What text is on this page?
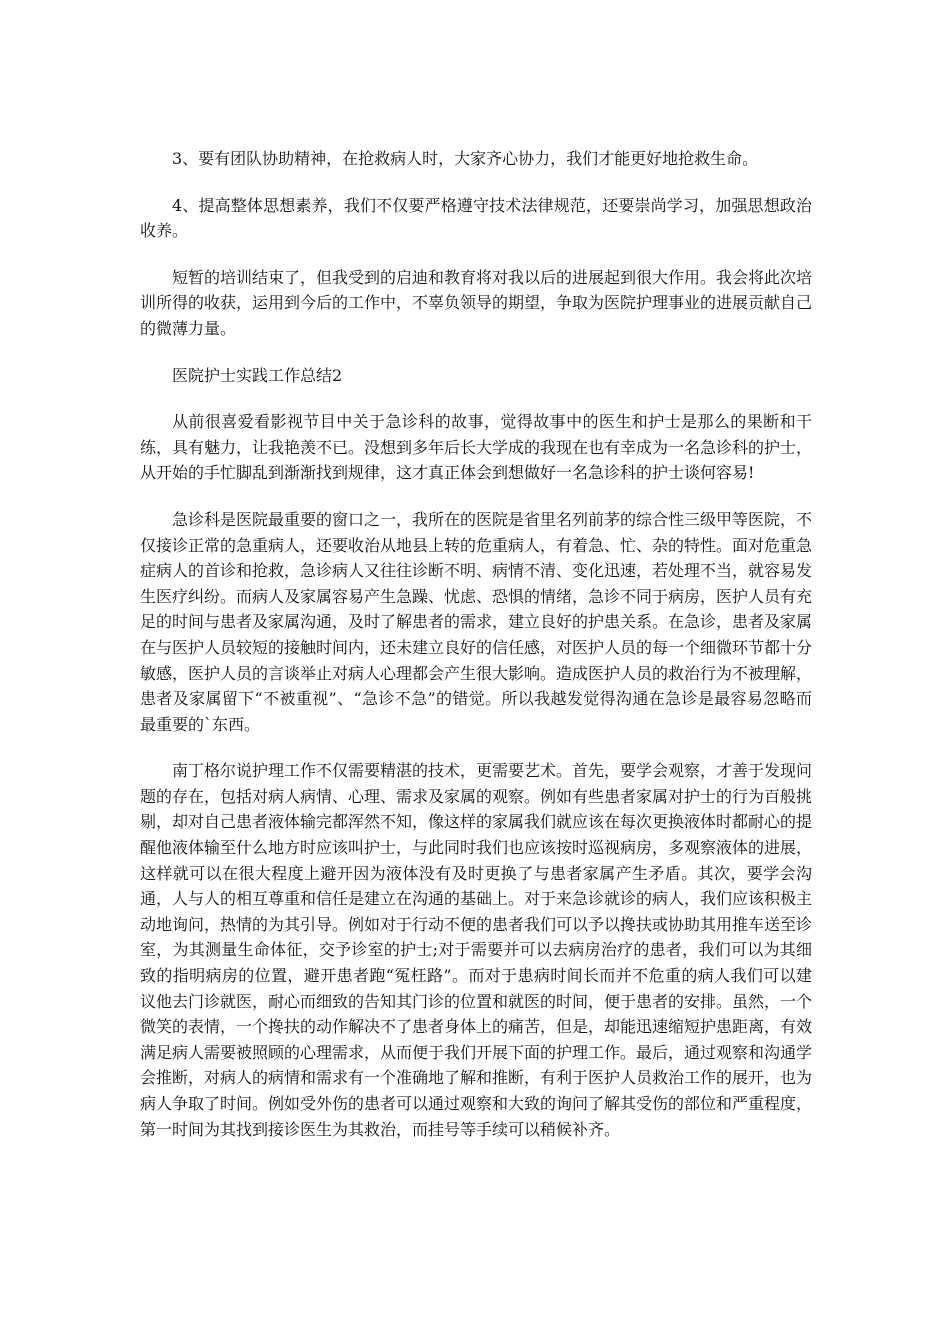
3、要有团队协助精神，在抢救病人时，大家齐心协力，我们才能更好地抢救生命。

4、提高整体思想素养，我们不仅要严格遵守技术法律规范，还要崇尚学习，加强思想政治收养。

短暂的培训结束了，但我受到的启迪和教育将对我以后的进展起到很大作用。我会将此次培训所得的收获，运用到今后的工作中，不辜负领导的期望，争取为医院护理事业的进展贡献自己的微薄力量。

医院护士实践工作总结2

从前很喜爱看影视节目中关于急诊科的故事，觉得故事中的医生和护士是那么的果断和干练，具有魅力，让我艳羡不已。没想到多年后长大学成的我现在也有幸成为一名急诊科的护士，从开始的手忙脚乱到渐渐找到规律，这才真正体会到想做好一名急诊科的护士谈何容易!

急诊科是医院最重要的窗口之一，我所在的医院是省里名列前茅的综合性三级甲等医院，不仅接诊正常的急重病人，还要收治从地县上转的危重病人，有着急、忙、杂的特性。面对危重急症病人的首诊和抢救，急诊病人又往往诊断不明、病情不清、变化迅速，若处理不当，就容易发生医疗纠纷。而病人及家属容易产生急躁、忧虑、恐惧的情绪，急诊不同于病房，医护人员有充足的时间与患者及家属沟通，及时了解患者的需求，建立良好的护患关系。在急诊，患者及家属在与医护人员较短的接触时间内，还未建立良好的信任感，对医护人员的每一个细微环节都十分敏感，医护人员的言谈举止对病人心理都会产生很大影响。造成医护人员的救治行为不被理解，患者及家属留下“不被重视”、“急诊不急”的错觉。所以我越发觉得沟通在急诊是最容易忽略而最重要的`东西。

南丁格尔说护理工作不仅需要精湛的技术，更需要艺术。首先，要学会观察，才善于发现问题的存在，包括对病人病情、心理、需求及家属的观察。例如有些患者家属对护士的行为百般挑剔，却对自己患者液体输完都浑然不知，像这样的家属我们就应该在每次更换液体时都耐心的提醒他液体输至什么地方时应该叫护士，与此同时我们也应该按时巡视病房，多观察液体的进展，这样就可以在很大程度上避开因为液体没有及时更换了与患者家属产生矛盾。其次，要学会沟通，人与人的相互尊重和信任是建立在沟通的基础上。对于来急诊就诊的病人，我们应该积极主动地询问，热情的为其引导。例如对于行动不便的患者我们可以予以搀扶或协助其用推车送至诊室，为其测量生命体征，交予诊室的护士;对于需要并可以去病房治疗的患者，我们可以为其细致的指明病房的位置，避开患者跑“冤枉路”。而对于患病时间长而并不危重的病人我们可以建议他去门诊就医，耐心而细致的告知其门诊的位置和就医的时间，便于患者的安排。虽然，一个微笑的表情，一个搀扶的动作解决不了患者身体上的痛苦，但是，却能迅速缩短护患距离，有效满足病人需要被照顾的心理需求，从而便于我们开展下面的护理工作。最后，通过观察和沟通学会推断，对病人的病情和需求有一个准确地了解和推断，有利于医护人员救治工作的展开，也为病人争取了时间。例如受外伤的患者可以通过观察和大致的询问了解其受伤的部位和严重程度，第一时间为其找到接诊医生为其救治，而挂号等手续可以稍候补齐。
